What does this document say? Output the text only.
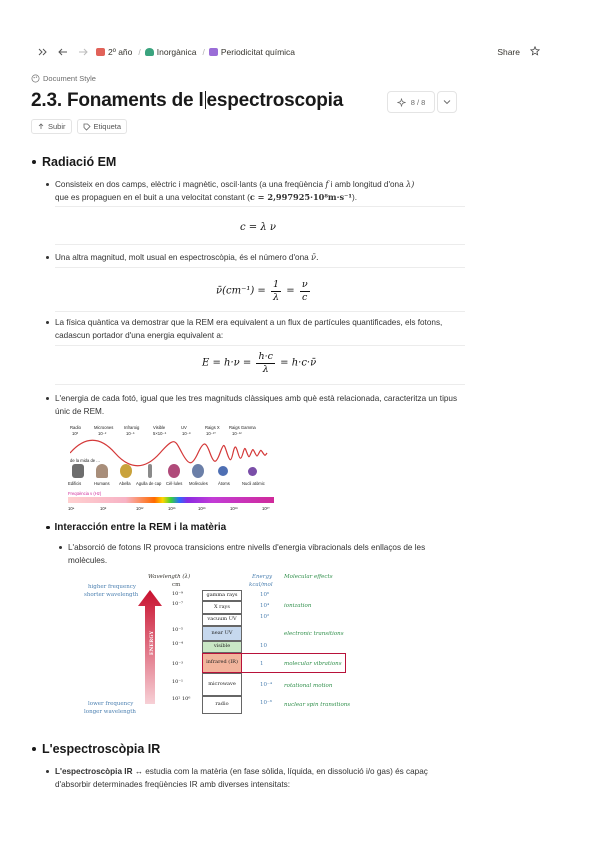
2º año / Inorgànica / Periodicitat química	Share
Document Style
2.3. Fonaments de l espectroscopia	8 / 8
Subir	Etiqueta
Radiació EM
Consisteix en dos camps, elèctric i magnètic, oscil·lants (a una freqüència f i amb longitud d'ona λ)
que es propaguen en el buit a una velocitat constant (c = 2,997925·10⁸m·s⁻¹).
c = λ ν
Una altra magnitud, molt usual en espectroscòpia, és el número d'ona ν̄.
ν̄(cm⁻¹) = $\frac{1}{\lambda} = \frac{\nu}{c}$
La física quàntica va demostrar que la REM era equivalent a un flux de partícules quantificades, els fotons, cadascun portador d'una energia equivalent a:
$E = h\cdot\nu = \frac{h\cdot c}{\lambda}$ = h·c·ν̄
L'energia de cada fotó, igual que les tres magnituds clàssiques amb què està relacionada, caracteritza un tipus únic de REM.
Radio	Microones	Infraroig	Visible	UV	Raigs X Raigs Gamma
10³	10⁻²	10⁻⁵	5×10⁻⁶	10⁻⁸	10⁻¹⁰	10⁻¹²
de la mida de ...
Edificis	Humans Abella Agulla de cap Cèl·lules Molècules Àtoms	Nucli atòmic
Freqüència ν (Hz)
10⁴	10⁸	10¹²	10¹⁵	10¹⁶	10¹⁸	10²⁰
Interacción entre la REM i la matèria
L'absorció de fotons IR provoca transicions entre nivells d'energia vibracionals dels enllaços de les molècules.
Wavelength (λ)
cm
Energy
kcal/mol
Molecular effects
higher frequency
shorter wavelength
lower frequency
longer wavelength
ENERGY
10⁻⁹
10⁻⁷
10⁻⁵
10⁻⁴
10⁻³
10⁻¹
10² 10⁶
gamma rays
X rays
vacuum UV
near UV
visible
infrared (IR)
microwave
radio
10⁶
10⁴
10²
10
1
10⁻⁴
10⁻⁶
ionization
electronic transitions
molecular vibrations
rotational motion
nuclear spin transitions
L'espectroscòpia IR
L'espectroscòpia IR ↔ estudia com la matèria (en fase sòlida, líquida, en dissolució i/o gas) és capaç d'absorbir determinades freqüències IR amb diverses intensitats:
